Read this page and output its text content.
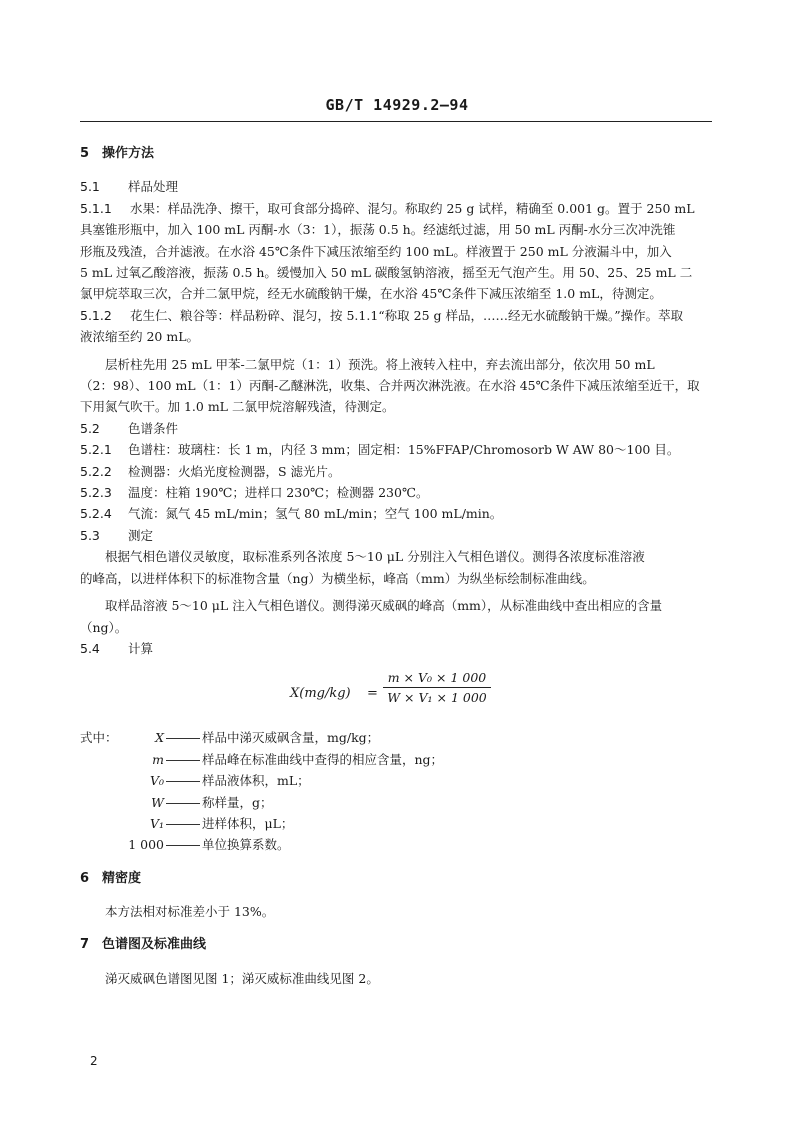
GB/T 14929.2—94
5 操作方法
5.1 样品处理

5.1.1 水果：样品洗净、擦干，取可食部分捣碎、混匀。称取约 25 g 试样，精确至 0.001 g。置于 250 mL
具塞锥形瓶中，加入 100 mL 丙酮-水（3：1），振荡 0.5 h。经滤纸过滤，用 50 mL 丙酮-水分三次冲洗锥
形瓶及残渣，合并滤液。在水浴 45℃条件下减压浓缩至约 100 mL。样液置于 250 mL 分液漏斗中，加入
5 mL 过氧乙酸溶液，振荡 0.5 h。缓慢加入 50 mL 碳酸氢钠溶液，摇至无气泡产生。用 50、25、25 mL 二
氯甲烷萃取三次，合并二氯甲烷，经无水硫酸钠干燥，在水浴 45℃条件下减压浓缩至 1.0 mL，待测定。

5.1.2 花生仁、粮谷等：样品粉碎、混匀，按 5.1.1“称取 25 g 样品，……经无水硫酸钠干燥。”操作。萃取
液浓缩至约 20 mL。

层析柱先用 25 mL 甲苯-二氯甲烷（1：1）预洗。将上液转入柱中，弃去流出部分，依次用 50 mL
（2：98）、100 mL（1：1）丙酮-乙醚淋洗，收集、合并两次淋洗液。在水浴 45℃条件下减压浓缩至近干，取
下用氮气吹干。加 1.0 mL 二氯甲烷溶解残渣，待测定。

5.2 色谱条件
5.2.1 色谱柱：玻璃柱：长 1 m，内径 3 mm；固定相：15%FFAP/Chromosorb W AW 80～100 目。
5.2.2 检测器：火焰光度检测器，S 滤光片。
5.2.3 温度：柱箱 190℃；进样口 230℃；检测器 230℃。
5.2.4 气流：氮气 45 mL/min；氢气 80 mL/min；空气 100 mL/min。
5.3 测定

根据气相色谱仪灵敏度，取标准系列各浓度 5～10 μL 分别注入气相色谱仪。测得各浓度标准溶液
的峰高，以进样体积下的标准物含量（ng）为横坐标，峰高（mm）为纵坐标绘制标准曲线。

取样品溶液 5～10 μL 注入气相色谱仪。测得涕灭威砜的峰高（mm），从标准曲线中查出相应的含量
（ng）。

5.4 计算
X(mg/kg) =
m × V₀ × 1 000
W × V₁ × 1 000
式中：	X	样品中涕灭威砜含量，mg/kg；
m	样品峰在标准曲线中查得的相应含量，ng；
V₀	样品液体积，mL；
W	称样量，g；
V₁	进样体积，μL；
1 000	单位换算系数。
6 精密度

本方法相对标准差小于 13%。

7 色谱图及标准曲线

涕灭威砜色谱图见图 1；涕灭威标准曲线见图 2。

2
